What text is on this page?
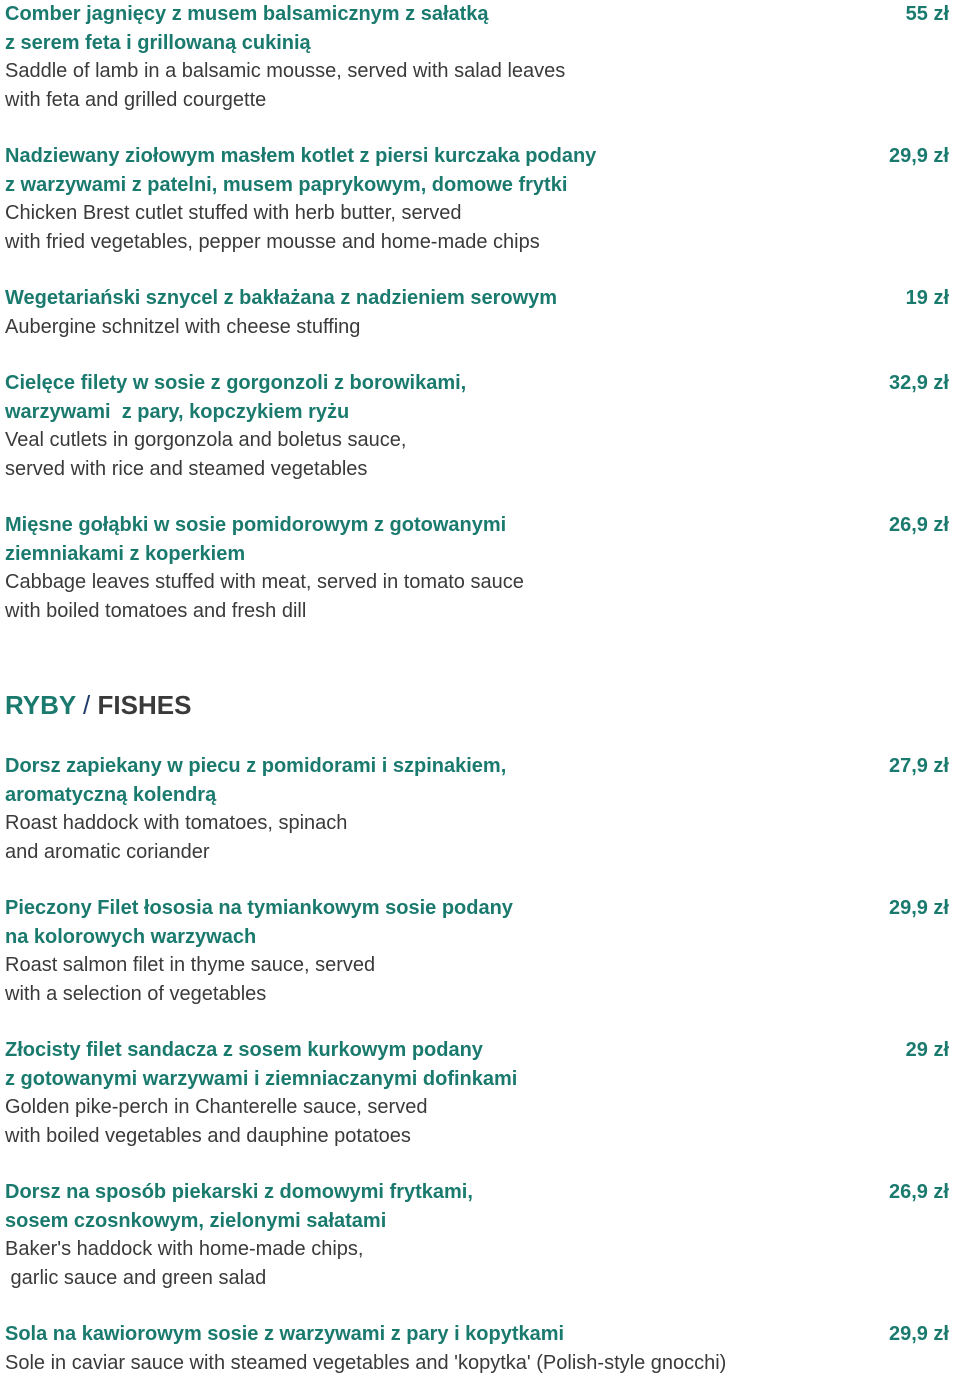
Comber jagnięcy z musem balsamicznym z sałatką
z serem feta i grillowaną cukinią
Saddle of lamb in a balsamic mousse, served with salad leaves
with feta and grilled courgette
55 zł
Nadziewany ziołowym masłem kotlet z piersi kurczaka podany
z warzywami z patelni, musem paprykowym, domowe frytki
Chicken Brest cutlet stuffed with herb butter, served
with fried vegetables, pepper mousse and home-made chips
29,9 zł
Wegetariański sznycel z bakłażana z nadzieniem serowym
Aubergine schnitzel with cheese stuffing
19 zł
Cielęce filety w sosie z gorgonzoli z borowikami,
warzywami  z pary, kopczykiem ryżu
Veal cutlets in gorgonzola and boletus sauce,
served with rice and steamed vegetables
32,9 zł
Mięsne gołąbki w sosie pomidorowym z gotowanymi
ziemniakami z koperkiem
Cabbage leaves stuffed with meat, served in tomato sauce
with boiled tomatoes and fresh dill
26,9 zł
RYBY / FISHES
Dorsz zapiekany w piecu z pomidorami i szpinakiem,
aromatyczną kolendrą
Roast haddock with tomatoes, spinach
and aromatic coriander
27,9 zł
Pieczony Filet łososia na tymiankowym sosie podany
na kolorowych warzywach
Roast salmon filet in thyme sauce, served
with a selection of vegetables
29,9 zł
Złocisty filet sandacza z sosem kurkowym podany
z gotowanymi warzywami i ziemniaczanymi dofinkami
Golden pike-perch in Chanterelle sauce, served
with boiled vegetables and dauphine potatoes
29 zł
Dorsz na sposób piekarski z domowymi frytkami,
sosem czosnkowym, zielonymi sałatami
Baker's haddock with home-made chips,
garlic sauce and green salad
26,9 zł
Sola na kawiorowym sosie z warzywami z pary i kopytkami
Sole in caviar sauce with steamed vegetables and 'kopytka' (Polish-style gnocchi)
29,9 zł
